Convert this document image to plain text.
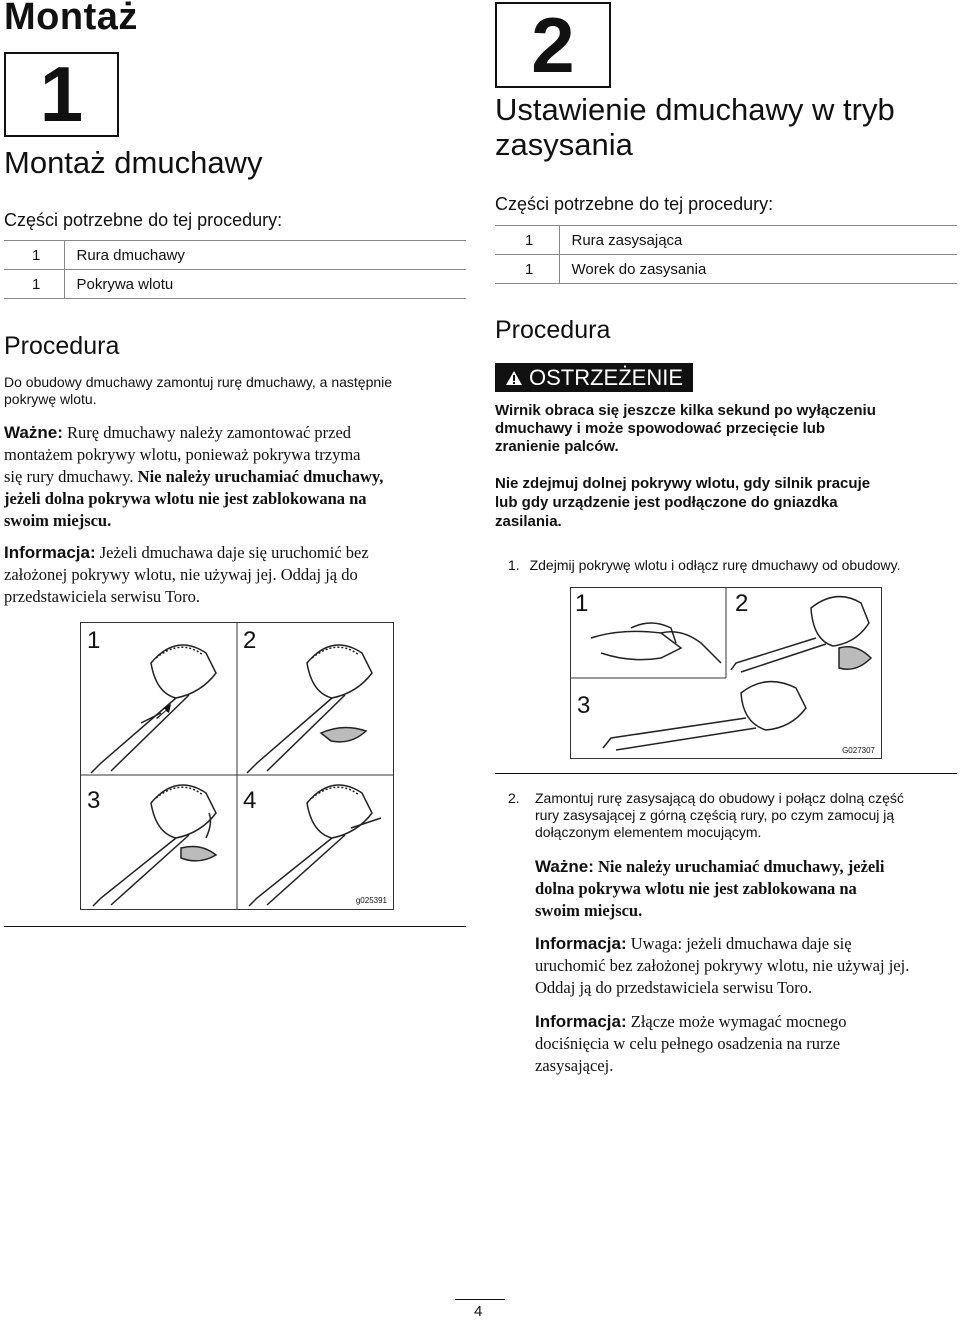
Montaż
1
Montaż dmuchawy
Części potrzebne do tej procedury:
1	Rura dmuchawy
1	Pokrywa wlotu
Procedura
Do obudowy dmuchawy zamontuj rurę dmuchawy, a następnie
pokrywę wlotu.
Ważne: Rurę dmuchawy należy zamontować przed
montażem pokrywy wlotu, ponieważ pokrywa trzyma
się rury dmuchawy. Nie należy uruchamiać dmuchawy,
jeżeli dolna pokrywa wlotu nie jest zablokowana na
swoim miejscu.
Informacja: Jeżeli dmuchawa daje się uruchomić bez
założonej pokrywy wlotu, nie używaj jej. Oddaj ją do
przedstawiciela serwisu Toro.
1	2
3	4
g025391
2
Ustawienie dmuchawy w tryb
zasysania
Części potrzebne do tej procedury:
1	Rura zasysająca
1	Worek do zasysania
Procedura
OSTRZEŻENIE
Wirnik obraca się jeszcze kilka sekund po wyłączeniu
dmuchawy i może spowodować przecięcie lub
zranienie palców.
Nie zdejmuj dolnej pokrywy wlotu, gdy silnik pracuje
lub gdy urządzenie jest podłączone do gniazdka
zasilania.
1. Zdejmij pokrywę wlotu i odłącz rurę dmuchawy od obudowy.
1	2
3
G027307
2.	Zamontuj rurę zasysającą do obudowy i połącz dolną część
rury zasysającej z górną częścią rury, po czym zamocuj ją
dołączonym elementem mocującym.
Ważne: Nie należy uruchamiać dmuchawy, jeżeli
dolna pokrywa wlotu nie jest zablokowana na
swoim miejscu.
Informacja: Uwaga: jeżeli dmuchawa daje się
uruchomić bez założonej pokrywy wlotu, nie używaj jej.
Oddaj ją do przedstawiciela serwisu Toro.
Informacja: Złącze może wymagać mocnego
dociśnięcia w celu pełnego osadzenia na rurze
zasysającej.
4
